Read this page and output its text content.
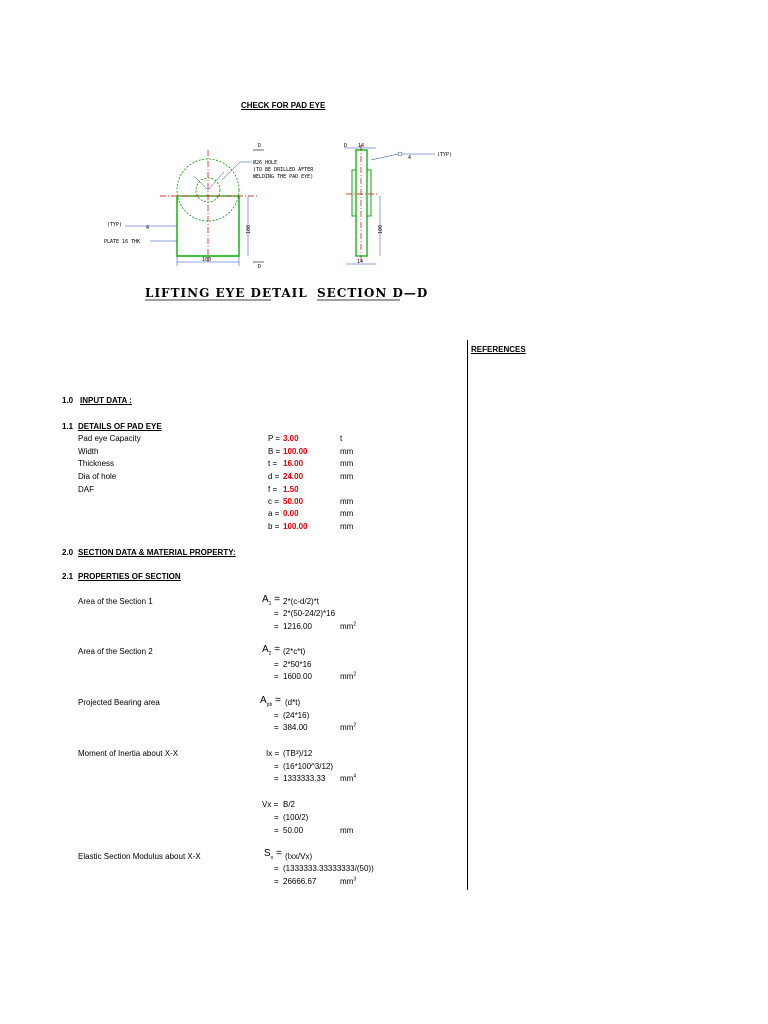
CHECK FOR PAD EYE
Ø26 HOLE
(TO BE DRILLED AFTER
WELDING THE PAD EYE)
D
D
(TYP)	4
PLATE 16 THK
100
100
14
D
4	(TYP)
100
14
LIFTING EYE DETAIL SECTION D—D
REFERENCES
1.0 INPUT DATA :
1.1 DETAILS OF PAD EYE
Pad eye Capacity	P = 3.00	t
Width	B = 100.00	mm
Thickness	t = 16.00	mm
Dia of hole	d = 24.00	mm
DAF	f = 1.50
c = 50.00	mm
a = 0.00	mm
b = 100.00	mm
2.0 SECTION DATA & MATERIAL PROPERTY:
2.1 PROPERTIES OF SECTION
Area of the Section 1	$A_1 = 2*(c-d/2)*t$
= 2*(50-24/2)*16
= 1216.00	$mm^2$
Area of the Section 2	$A_2 = (2*c*t)$
= 2*50*16
= 1600.00	$mm^2$
Projected Bearing area	$A_{pb} = (d*t)$
= (24*16)
= 384.00	$mm^2$
Moment of Inertia about X-X	Ix = (TB³)/12
= (16*100^3/12)
= 1333333.33 $mm^4$
Vx = B/2
= (100/2)
= 50.00	mm
Elastic Section Modulus about X-X	$S_x = (Ixx/Vx)$
= (1333333.33333333/(50))
= 26666.67	$mm^3$
